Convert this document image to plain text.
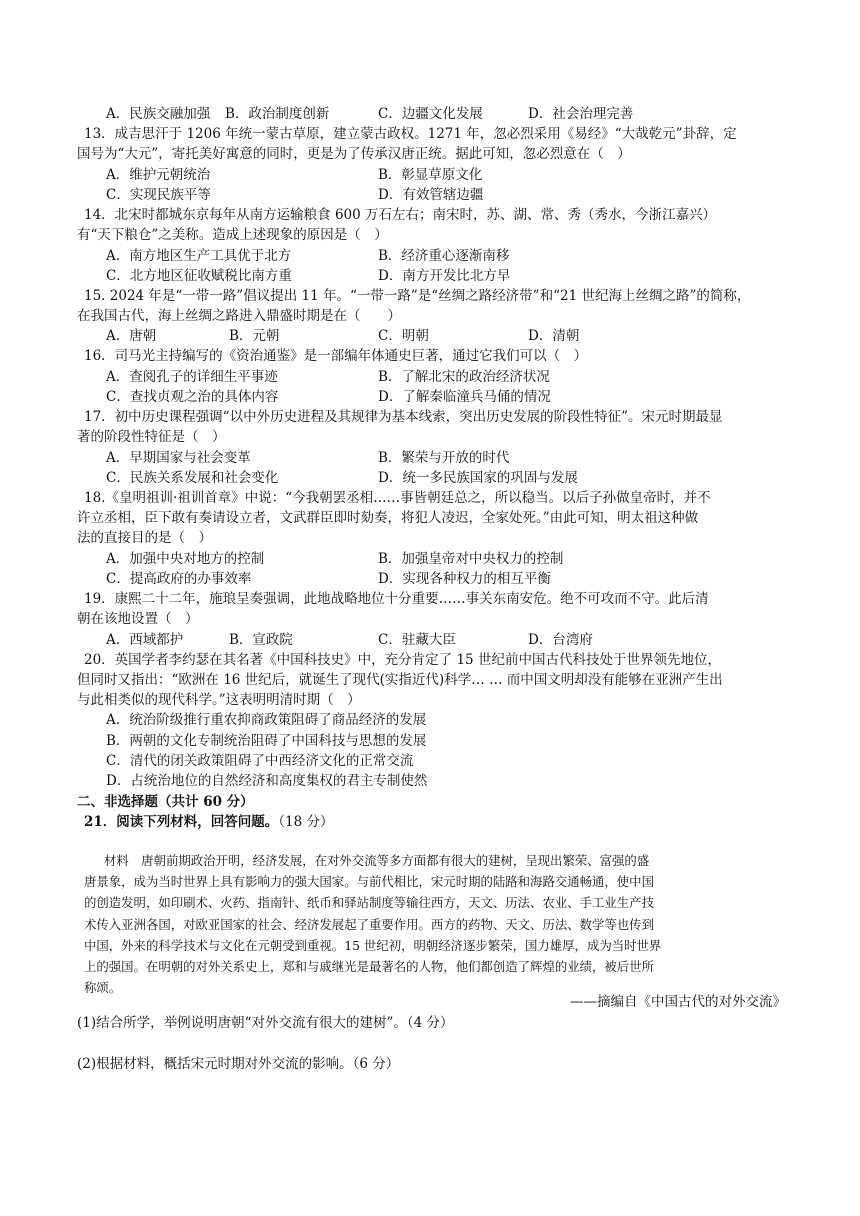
A．民族交融加强 B．政治制度创新	C．边疆文化发展	D．社会治理完善
13．成吉思汗于 1206 年统一蒙古草原，建立蒙古政权。1271 年，忽必烈采用《易经》“大哉乾元”卦辞，定
国号为“大元”，寄托美好寓意的同时，更是为了传承汉唐正统。据此可知，忽必烈意在（　）
A．维护元朝统治	B．彰显草原文化
C．实现民族平等	D．有效管辖边疆
14．北宋时都城东京每年从南方运输粮食 600 万石左右；南宋时，苏、湖、常、秀（秀水，今浙江嘉兴）
有“天下粮仓”之美称。造成上述现象的原因是（　）
A．南方地区生产工具优于北方	B．经济重心逐渐南移
C．北方地区征收赋税比南方重	D．南方开发比北方早
15. 2024 年是“一带一路”倡议提出 11 年。“一带一路”是“丝绸之路经济带”和“21 世纪海上丝绸之路”的简称，
在我国古代，海上丝绸之路进入鼎盛时期是在（　　）
A．唐朝	B．元朝	C．明朝	D．清朝
16．司马光主持编写的《资治通鉴》是一部编年体通史巨著，通过它我们可以（　）
A．查阅孔子的详细生平事迹	B．了解北宋的政治经济状况
C．查找贞观之治的具体内容	D．了解秦临潼兵马俑的情况
17．初中历史课程强调“以中外历史进程及其规律为基本线索，突出历史发展的阶段性特征”。宋元时期最显
著的阶段性特征是（　）
A．早期国家与社会变革	B．繁荣与开放的时代
C．民族关系发展和社会变化	D．统一多民族国家的巩固与发展
18.《皇明祖训·祖训首章》中说：“今我朝罢丞相……事皆朝廷总之，所以稳当。以后子孙做皇帝时，并不
许立丞相，臣下敢有奏请设立者，文武群臣即时劾奏，将犯人凌迟，全家处死。”由此可知，明太祖这种做
法的直接目的是（　）
A．加强中央对地方的控制	B．加强皇帝对中央权力的控制
C．提高政府的办事效率	D．实现各种权力的相互平衡
19．康熙二十二年，施琅呈奏强调，此地战略地位十分重要……事关东南安危。绝不可攻而不守。此后清
朝在该地设置（　）
A．西域都护	B．宣政院	C．驻藏大臣	D．台湾府
20．英国学者李约瑟在其名著《中国科技史》中，充分肯定了 15 世纪前中国古代科技处于世界领先地位，
但同时又指出：“欧洲在 16 世纪后，就诞生了现代(实指近代)科学… … 而中国文明却没有能够在亚洲产生出
与此相类似的现代科学。”这表明明清时期（　）
A．统治阶级推行重农抑商政策阻碍了商品经济的发展
B．两朝的文化专制统治阻碍了中国科技与思想的发展
C．清代的闭关政策阻碍了中西经济文化的正常交流
D．占统治地位的自然经济和高度集权的君主专制使然
二、非选择题（共计 60 分）
21．阅读下列材料，回答问题。（18 分）
材料　唐朝前期政治开明，经济发展，在对外交流等多方面都有很大的建树，呈现出繁荣、富强的盛
唐景象，成为当时世界上具有影响力的强大国家。与前代相比，宋元时期的陆路和海路交通畅通，使中国
的创造发明，如印刷术、火药、指南针、纸币和驿站制度等输往西方，天文、历法、农业、手工业生产技
术传入亚洲各国，对欧亚国家的社会、经济发展起了重要作用。西方的药物、天文、历法、数学等也传到
中国，外来的科学技术与文化在元朝受到重视。15 世纪初，明朝经济逐步繁荣，国力雄厚，成为当时世界
上的强国。在明朝的对外关系史上，郑和与戚继光是最著名的人物，他们都创造了辉煌的业绩，被后世所
称颂。
——摘编自《中国古代的对外交流》
(1)结合所学，举例说明唐朝“对外交流有很大的建树”。（4 分）
(2)根据材料，概括宋元时期对外交流的影响。（6 分）
